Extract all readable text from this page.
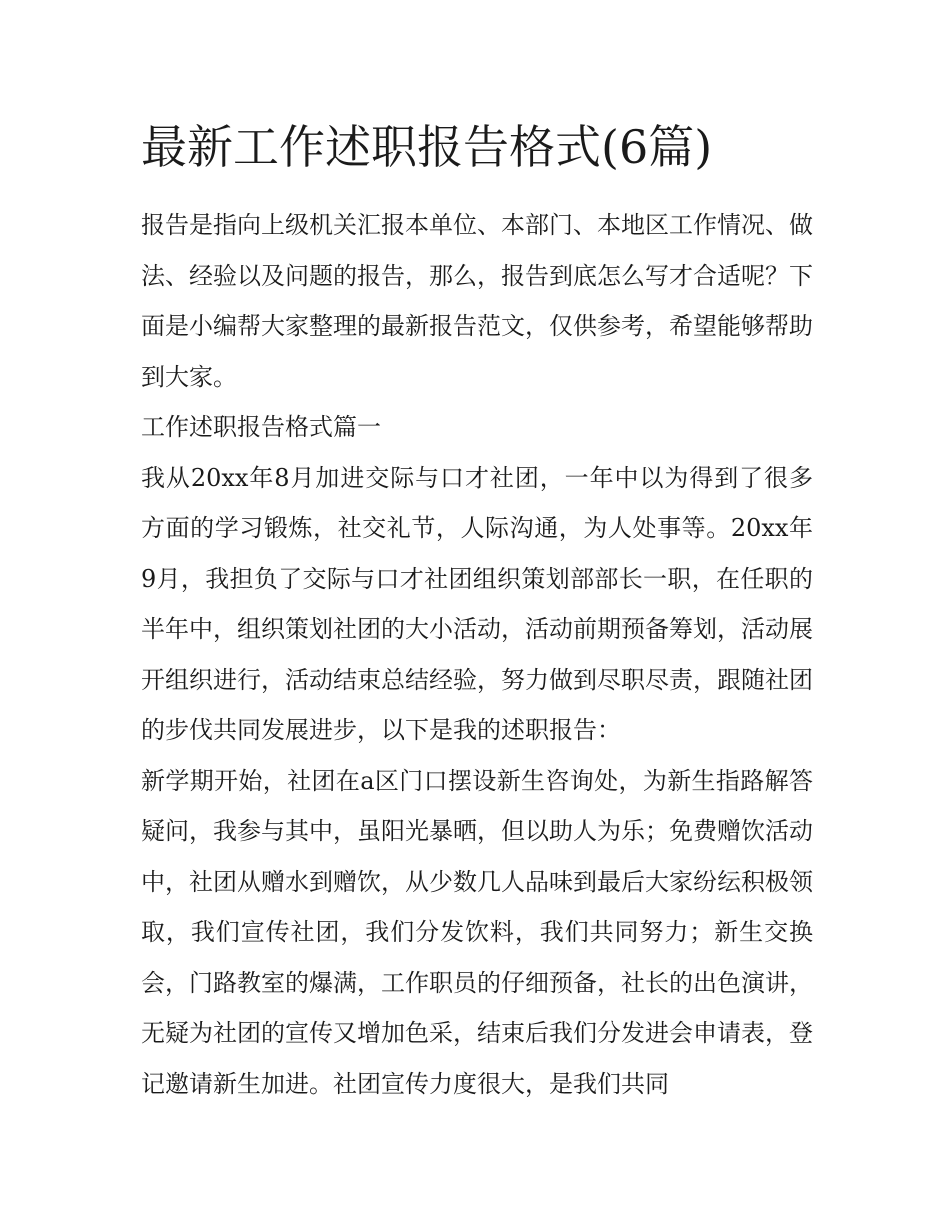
最新工作述职报告格式(6篇)

报告是指向上级机关汇报本单位、本部门、本地区工作情况、做法、经验以及问题的报告，那么，报告到底怎么写才合适呢？下面是小编帮大家整理的最新报告范文，仅供参考，希望能够帮助到大家。

工作述职报告格式篇一

我从20xx年8月加进交际与口才社团，一年中以为得到了很多方面的学习锻炼，社交礼节，人际沟通，为人处事等。20xx年9月，我担负了交际与口才社团组织策划部部长一职，在任职的半年中，组织策划社团的大小活动，活动前期预备筹划，活动展开组织进行，活动结束总结经验，努力做到尽职尽责，跟随社团的步伐共同发展进步，以下是我的述职报告：

新学期开始，社团在a区门口摆设新生咨询处，为新生指路解答疑问，我参与其中，虽阳光暴晒，但以助人为乐；免费赠饮活动中，社团从赠水到赠饮，从少数几人品味到最后大家纷纭积极领取，我们宣传社团，我们分发饮料，我们共同努力；新生交换会，门路教室的爆满，工作职员的仔细预备，社长的出色演讲，无疑为社团的宣传又增加色采，结束后我们分发进会申请表，登记邀请新生加进。社团宣传力度很大，是我们共同
